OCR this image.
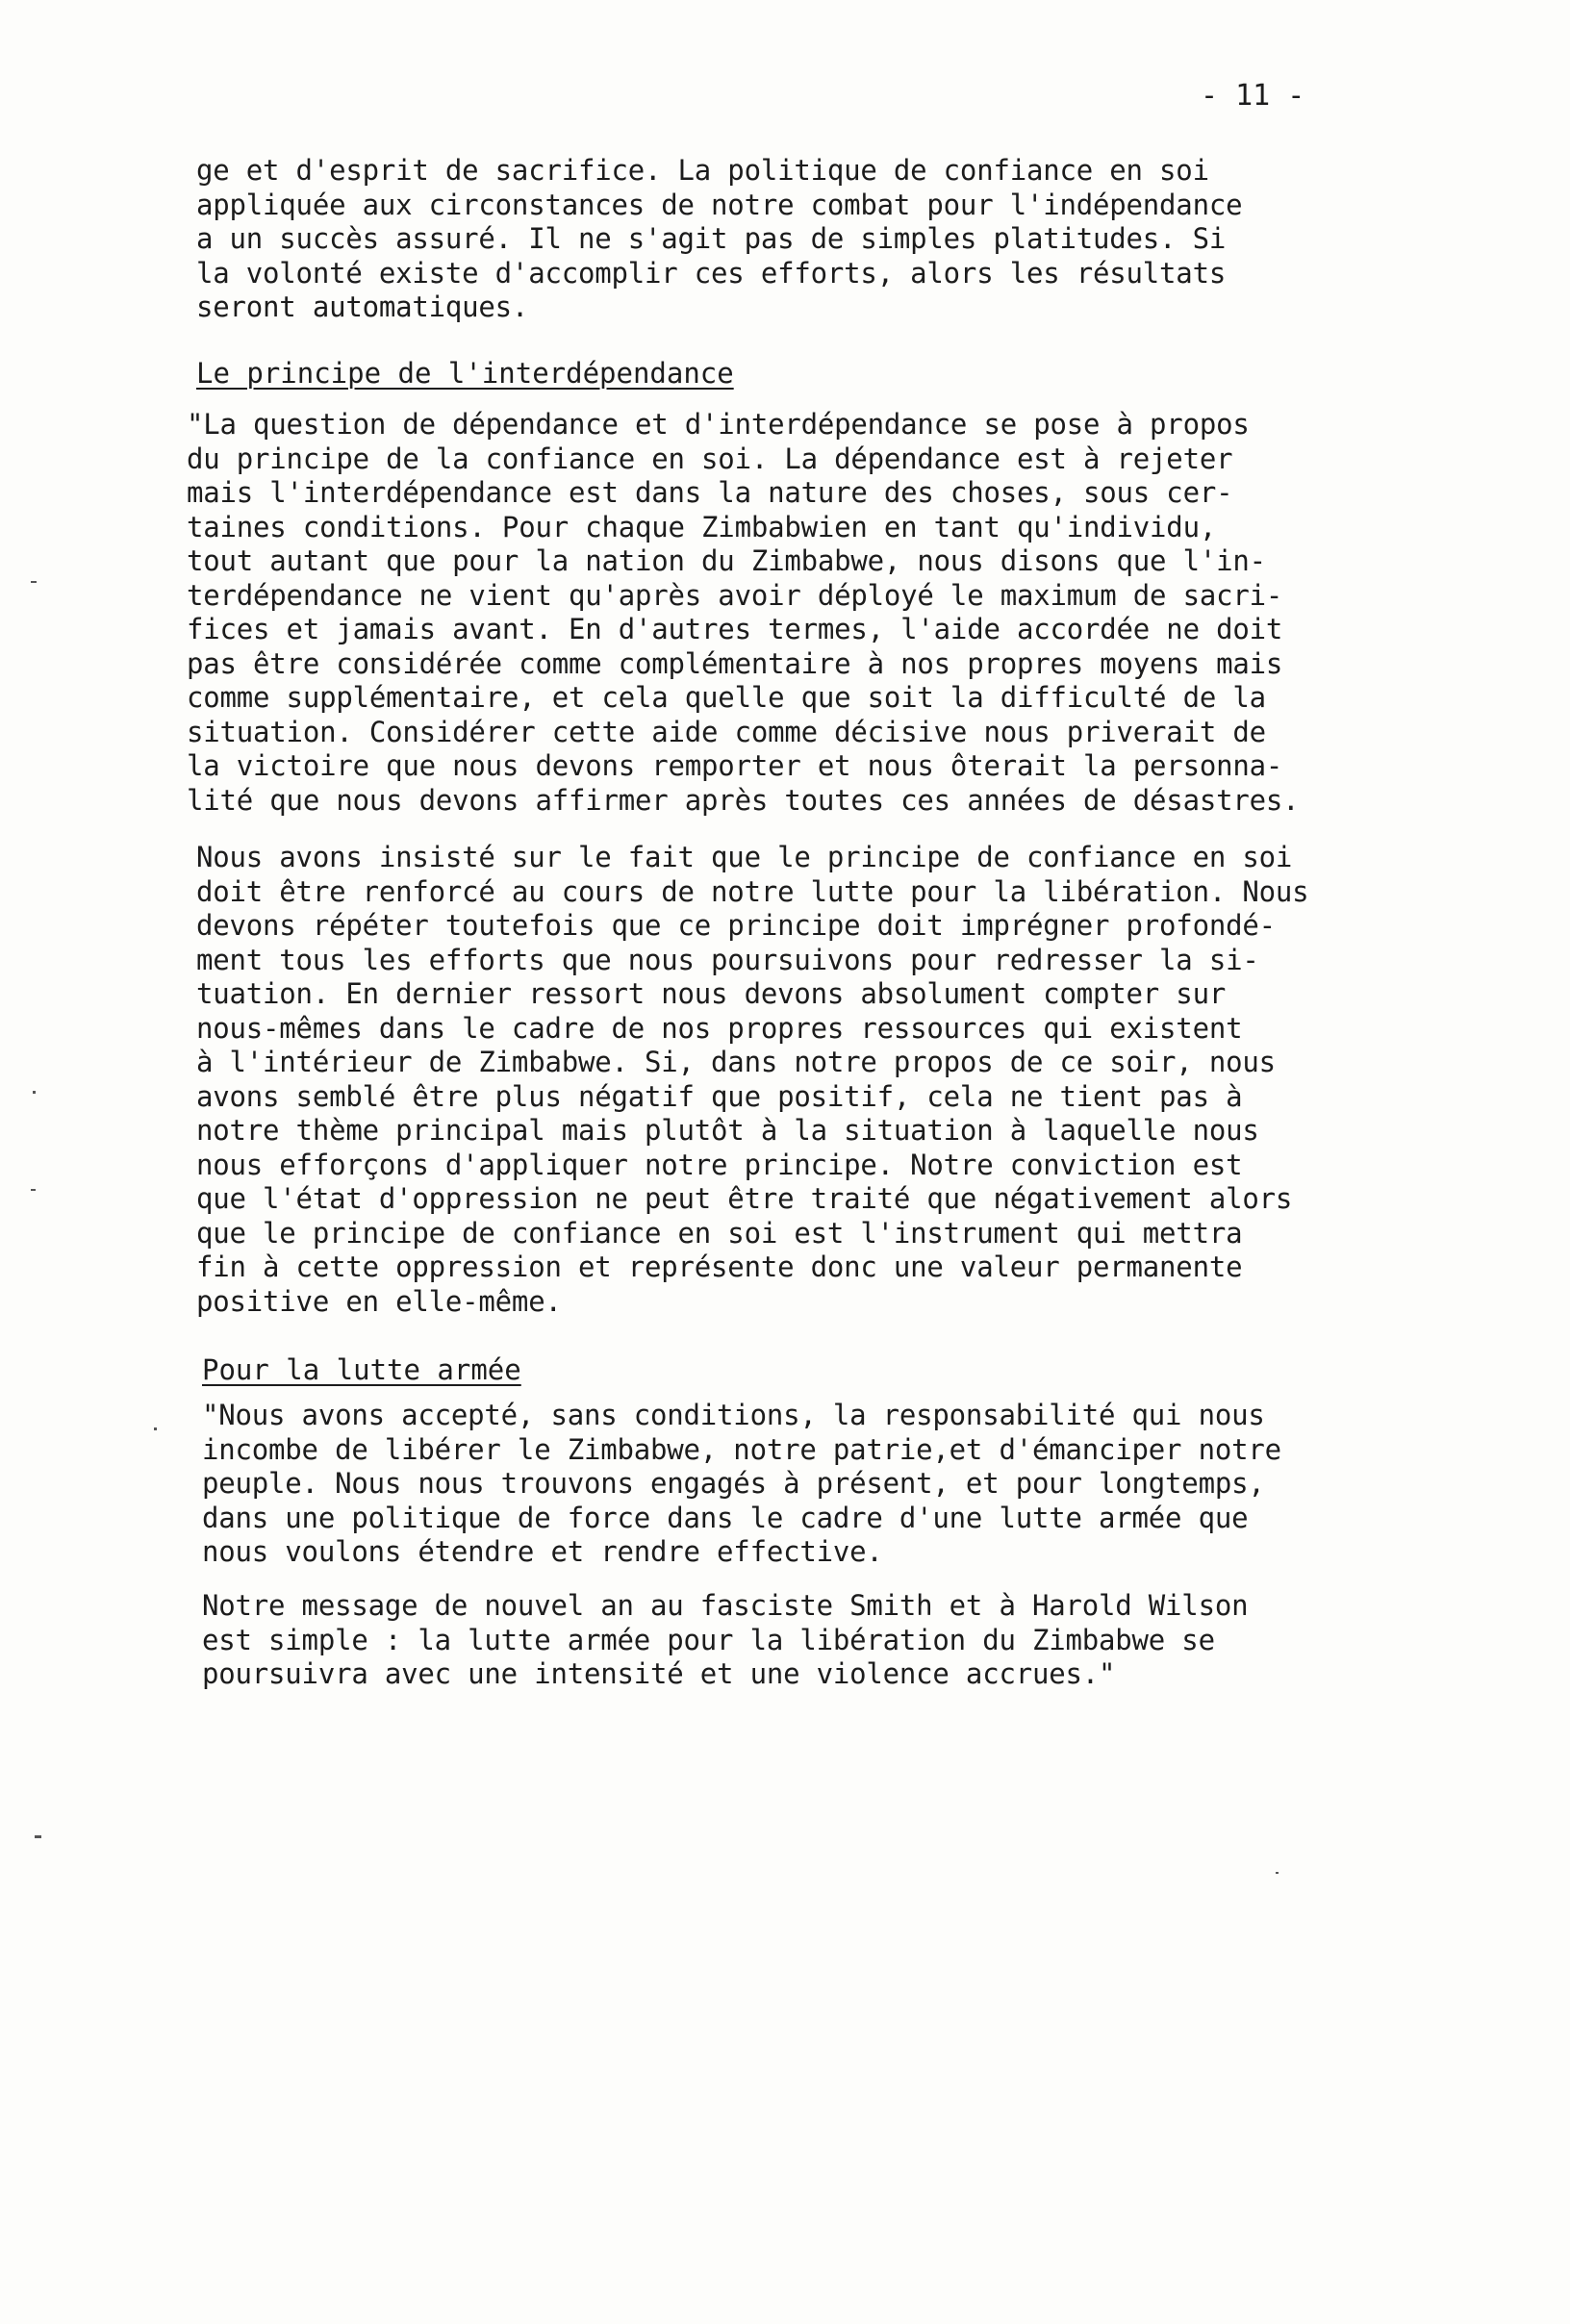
- 11 -
ge et d'esprit de sacrifice. La politique de confiance en soi
appliquée aux circonstances de notre combat pour l'indépendance
a un succès assuré. Il ne s'agit pas de simples platitudes. Si
la volonté existe d'accomplir ces efforts, alors les résultats
seront automatiques.
Le principe de l'interdépendance
"La question de dépendance et d'interdépendance se pose à propos
du principe de la confiance en soi. La dépendance est à rejeter
mais l'interdépendance est dans la nature des choses, sous cer-
taines conditions. Pour chaque Zimbabwien en tant qu'individu,
tout autant que pour la nation du Zimbabwe, nous disons que l'in-
terdépendance ne vient qu'après avoir déployé le maximum de sacri-
fices et jamais avant. En d'autres termes, l'aide accordée ne doit
pas être considérée comme complémentaire à nos propres moyens mais
comme supplémentaire, et cela quelle que soit la difficulté de la
situation. Considérer cette aide comme décisive nous priverait de
la victoire que nous devons remporter et nous ôterait la personna-
lité que nous devons affirmer après toutes ces années de désastres.
Nous avons insisté sur le fait que le principe de confiance en soi
doit être renforcé au cours de notre lutte pour la libération. Nous
devons répéter toutefois que ce principe doit imprégner profondé-
ment tous les efforts que nous poursuivons pour redresser la si-
tuation. En dernier ressort nous devons absolument compter sur
nous-mêmes dans le cadre de nos propres ressources qui existent
à l'intérieur de Zimbabwe. Si, dans notre propos de ce soir, nous
avons semblé être plus négatif que positif, cela ne tient pas à
notre thème principal mais plutôt à la situation à laquelle nous
nous efforçons d'appliquer notre principe. Notre conviction est
que l'état d'oppression ne peut être traité que négativement alors
que le principe de confiance en soi est l'instrument qui mettra
fin à cette oppression et représente donc une valeur permanente
positive en elle-même.
Pour la lutte armée
"Nous avons accepté, sans conditions, la responsabilité qui nous
incombe de libérer le Zimbabwe, notre patrie,et d'émanciper notre
peuple. Nous nous trouvons engagés à présent, et pour longtemps,
dans une politique de force dans le cadre d'une lutte armée que
nous voulons étendre et rendre effective.
Notre message de nouvel an au fasciste Smith et à Harold Wilson
est simple : la lutte armée pour la libération du Zimbabwe se
poursuivra avec une intensité et une violence accrues."
